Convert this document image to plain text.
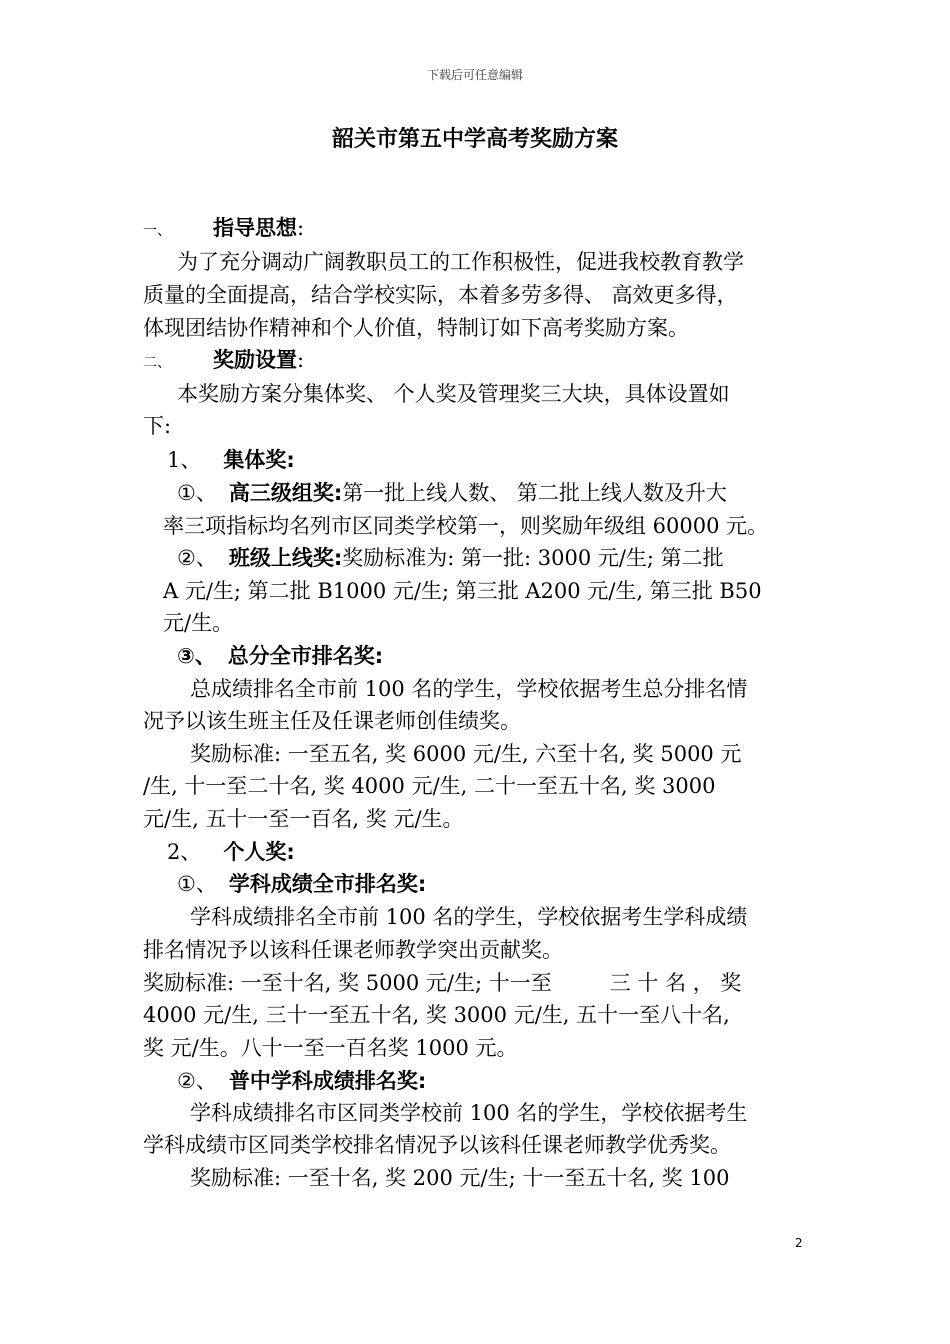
下载后可任意编辑
韶关市第五中学高考奖励方案
一、 指导思想:
为了充分调动广阔教职员工的工作积极性，促进我校教育教学
质量的全面提高，结合学校实际，本着多劳多得、 高效更多得，
体现团结协作精神和个人价值，特制订如下高考奖励方案。
二、 奖励设置:
本奖励方案分集体奖、 个人奖及管理奖三大块，具体设置如
下:
1、 集体奖:
①、 高三级组奖:第一批上线人数、 第二批上线人数及升大
率三项指标均名列市区同类学校第一，则奖励年级组 60000 元。
②、 班级上线奖:奖励标准为: 第一批: 3000 元/生; 第二批
A 元/生; 第二批 B1000 元/生; 第三批 A200 元/生, 第三批 B50
元/生。
③、 总分全市排名奖:
总成绩排名全市前 100 名的学生，学校依据考生总分排名情
况予以该生班主任及任课老师创佳绩奖。
奖励标准: 一至五名, 奖 6000 元/生, 六至十名, 奖 5000 元
/生, 十一至二十名, 奖 4000 元/生, 二十一至五十名, 奖 3000
元/生, 五十一至一百名, 奖 元/生。
2、 个人奖:
①、 学科成绩全市排名奖:
学科成绩排名全市前 100 名的学生，学校依据考生学科成绩
排名情况予以该科任课老师教学突出贡献奖。
奖励标准: 一至十名, 奖 5000 元/生; 十一至	三 十 名 ， 奖
4000 元/生, 三十一至五十名, 奖 3000 元/生, 五十一至八十名,
奖 元/生。八十一至一百名奖 1000 元。
②、 普中学科成绩排名奖:
学科成绩排名市区同类学校前 100 名的学生，学校依据考生
学科成绩市区同类学校排名情况予以该科任课老师教学优秀奖。
奖励标准: 一至十名, 奖 200 元/生; 十一至五十名, 奖 100
2
